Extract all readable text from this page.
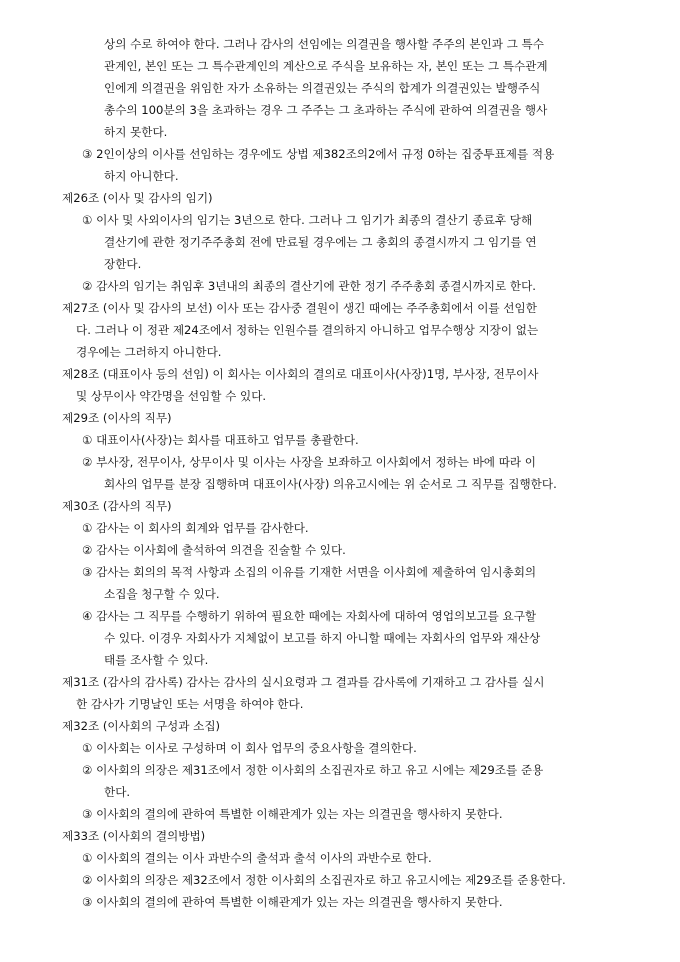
상의 수로 하여야 한다. 그러나 감사의 선임에는 의결권을 행사할 주주의 본인과 그 특수
관계인, 본인 또는 그 특수관계인의 계산으로 주식을 보유하는 자, 본인 또는 그 특수관계
인에게 의결권을 위임한 자가 소유하는 의결권있는 주식의 합계가 의결권있는 발행주식
총수의 100분의 3을 초과하는 경우 그 주주는 그 초과하는 주식에 관하여 의결권을 행사
하지 못한다.
③ 2인이상의 이사를 선임하는 경우에도 상법 제382조의2에서 규정 0하는 집중투표제를 적용
하지 아니한다.
제26조 (이사 및 감사의 임기)
① 이사 및 사외이사의 임기는 3년으로 한다. 그러나 그 임기가 최종의 결산기 종료후 당해
결산기에 관한 정기주주총회 전에 만료될 경우에는 그 총회의 종결시까지 그 임기를 연
장한다.
② 감사의 임기는 취임후 3년내의 최종의 결산기에 관한 정기 주주총회 종결시까지로 한다.
제27조 (이사 및 감사의 보선) 이사 또는 감사중 결원이 생긴 때에는 주주총회에서 이를 선임한
다. 그러나 이 정관 제24조에서 정하는 인원수를 결의하지 아니하고 업무수행상 지장이 없는
경우에는 그러하지 아니한다.
제28조 (대표이사 등의 선임) 이 회사는 이사회의 결의로 대표이사(사장)1명, 부사장, 전무이사
및 상무이사 약간명을 선임할 수 있다.
제29조 (이사의 직무)
① 대표이사(사장)는 회사를 대표하고 업무를 총괄한다.
② 부사장, 전무이사, 상무이사 및 이사는 사장을 보좌하고 이사회에서 정하는 바에 따라 이
회사의 업무를 분장 집행하며 대표이사(사장) 의유고시에는 위 순서로 그 직무를 집행한다.
제30조 (감사의 직무)
① 감사는 이 회사의 회계와 업무를 감사한다.
② 감사는 이사회에 출석하여 의견을 진술할 수 있다.
③ 감사는 회의의 목적 사항과 소집의 이유를 기재한 서면을 이사회에 제출하여 임시총회의
소집을 청구할 수 있다.
④ 감사는 그 직무를 수행하기 위하여 필요한 때에는 자회사에 대하여 영업의보고를 요구할
수 있다. 이경우 자회사가 지체없이 보고를 하지 아니할 때에는 자회사의 업무와 재산상
태를 조사할 수 있다.
제31조 (감사의 감사록) 감사는 감사의 실시요령과 그 결과를 감사록에 기재하고 그 감사를 실시
한 감사가 기명날인 또는 서명을 하여야 한다.
제32조 (이사회의 구성과 소집)
① 이사회는 이사로 구성하며 이 회사 업무의 중요사항을 결의한다.
② 이사회의 의장은 제31조에서 정한 이사회의 소집권자로 하고 유고 시에는 제29조를 준용
한다.
③ 이사회의 결의에 관하여 특별한 이해관계가 있는 자는 의결권을 행사하지 못한다.
제33조 (이사회의 결의방법)
① 이사회의 결의는 이사 과반수의 출석과 출석 이사의 과반수로 한다.
② 이사회의 의장은 제32조에서 정한 이사회의 소집권자로 하고 유고시에는 제29조를 준용한다.
③ 이사회의 결의에 관하여 특별한 이해관계가 있는 자는 의결권을 행사하지 못한다.
